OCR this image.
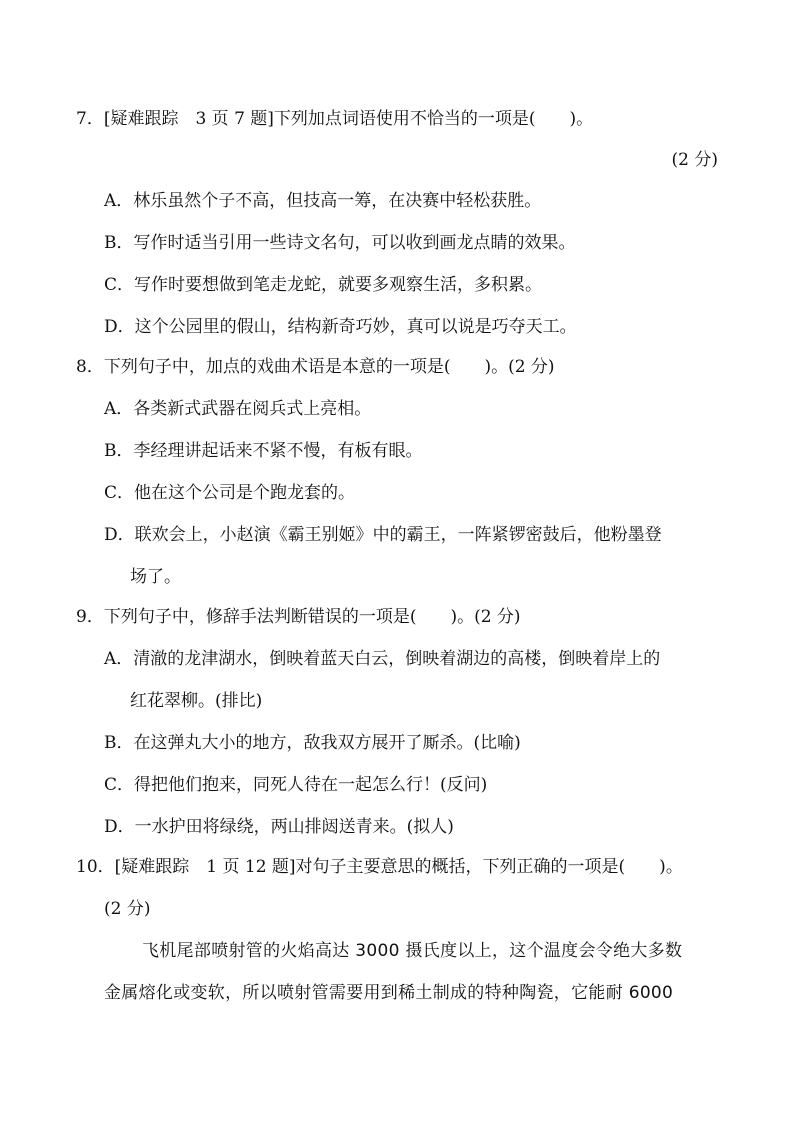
7．[疑难跟踪　3 页 7 题]下列加点词语使用不恰当的一项是(　　)。
(2 分)
A．林乐虽然个子不高，但技高一筹，在决赛中轻松获胜。
B．写作时适当引用一些诗文名句，可以收到画龙点睛的效果。
C．写作时要想做到笔走龙蛇，就要多观察生活，多积累。
D．这个公园里的假山，结构新奇巧妙，真可以说是巧夺天工。
8．下列句子中，加点的戏曲术语是本意的一项是(　　)。(2 分)
A．各类新式武器在阅兵式上亮相。
B．李经理讲起话来不紧不慢，有板有眼。
C．他在这个公司是个跑龙套的。
D．联欢会上，小赵演《霸王别姬》中的霸王，一阵紧锣密鼓后，他粉墨登
场了。
9．下列句子中，修辞手法判断错误的一项是(　　)。(2 分)
A．清澈的龙津湖水，倒映着蓝天白云，倒映着湖边的高楼，倒映着岸上的
红花翠柳。(排比)
B．在这弹丸大小的地方，敌我双方展开了厮杀。(比喻)
C．得把他们抱来，同死人待在一起怎么行！(反问)
D．一水护田将绿绕，两山排闼送青来。(拟人)
10．[疑难跟踪　1 页 12 题]对句子主要意思的概括，下列正确的一项是(　　)。
(2 分)
飞机尾部喷射管的火焰高达 3000 摄氏度以上，这个温度会令绝大多数
金属熔化或变软，所以喷射管需要用到稀土制成的特种陶瓷，它能耐 6000
